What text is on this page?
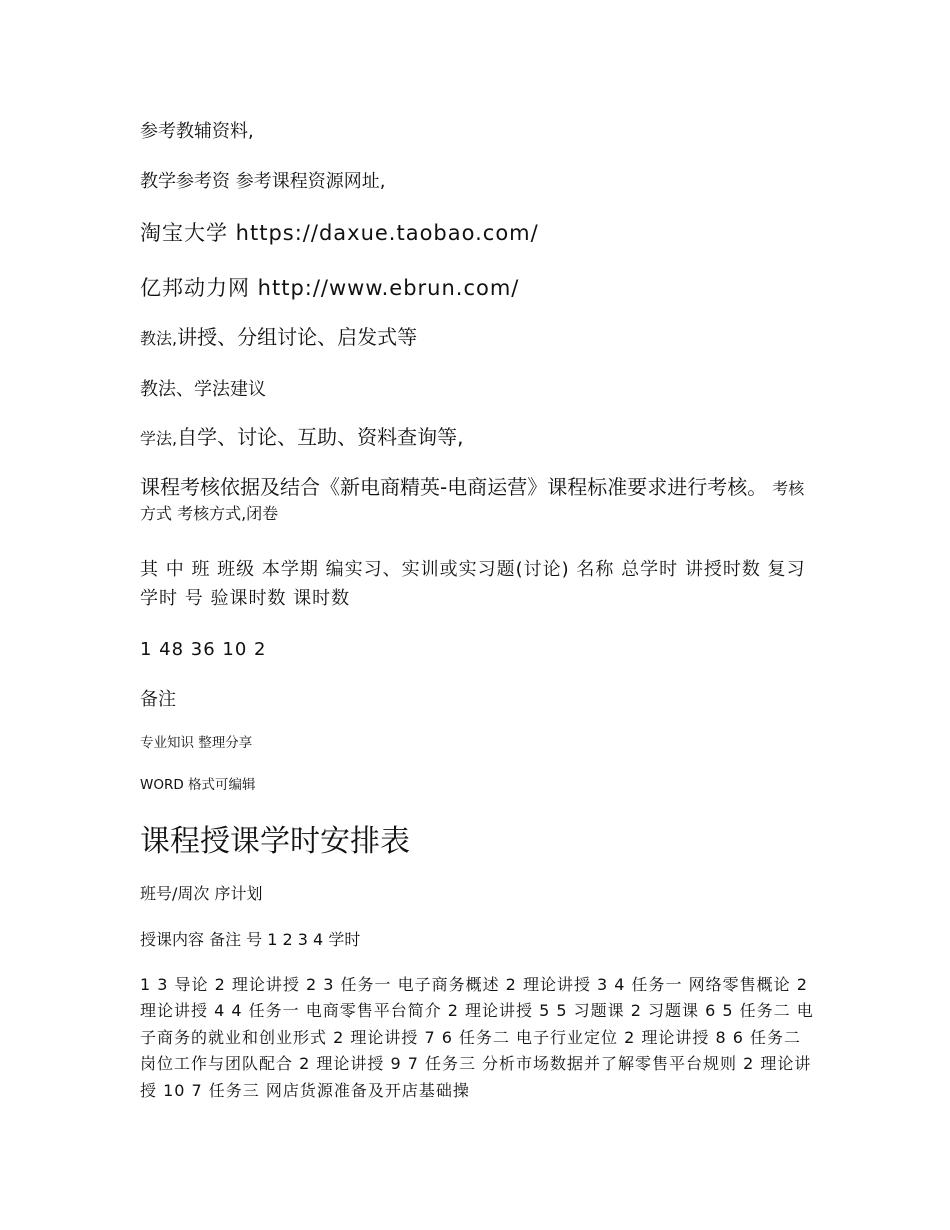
参考教辅资料,

教学参考资 参考课程资源网址,

淘宝大学 https://daxue.taobao.com/

亿邦动力网 http://www.ebrun.com/

教法,讲授、分组讨论、启发式等

教法、学法建议

学法,自学、讨论、互助、资料查询等,

课程考核依据及结合《新电商精英-电商运营》课程标准要求进行考核。 考核方式 考核方式,闭卷

其 中 班 班级 本学期 编实习、实训或实习题(讨论) 名称 总学时 讲授时数 复习学时 号 验课时数 课时数

1 48 36 10 2

备注

专业知识 整理分享

WORD 格式可编辑

课程授课学时安排表

班号/周次 序计划

授课内容 备注 号 1 2 3 4 学时

1 3 导论 2 理论讲授 2 3 任务一 电子商务概述 2 理论讲授 3 4 任务一 网络零售概论 2 理论讲授 4 4 任务一 电商零售平台简介 2 理论讲授 5 5 习题课 2 习题课 6 5 任务二 电子商务的就业和创业形式 2 理论讲授 7 6 任务二 电子行业定位 2 理论讲授 8 6 任务二 岗位工作与团队配合 2 理论讲授 9 7 任务三 分析市场数据并了解零售平台规则 2 理论讲授 10 7 任务三 网店货源准备及开店基础操
